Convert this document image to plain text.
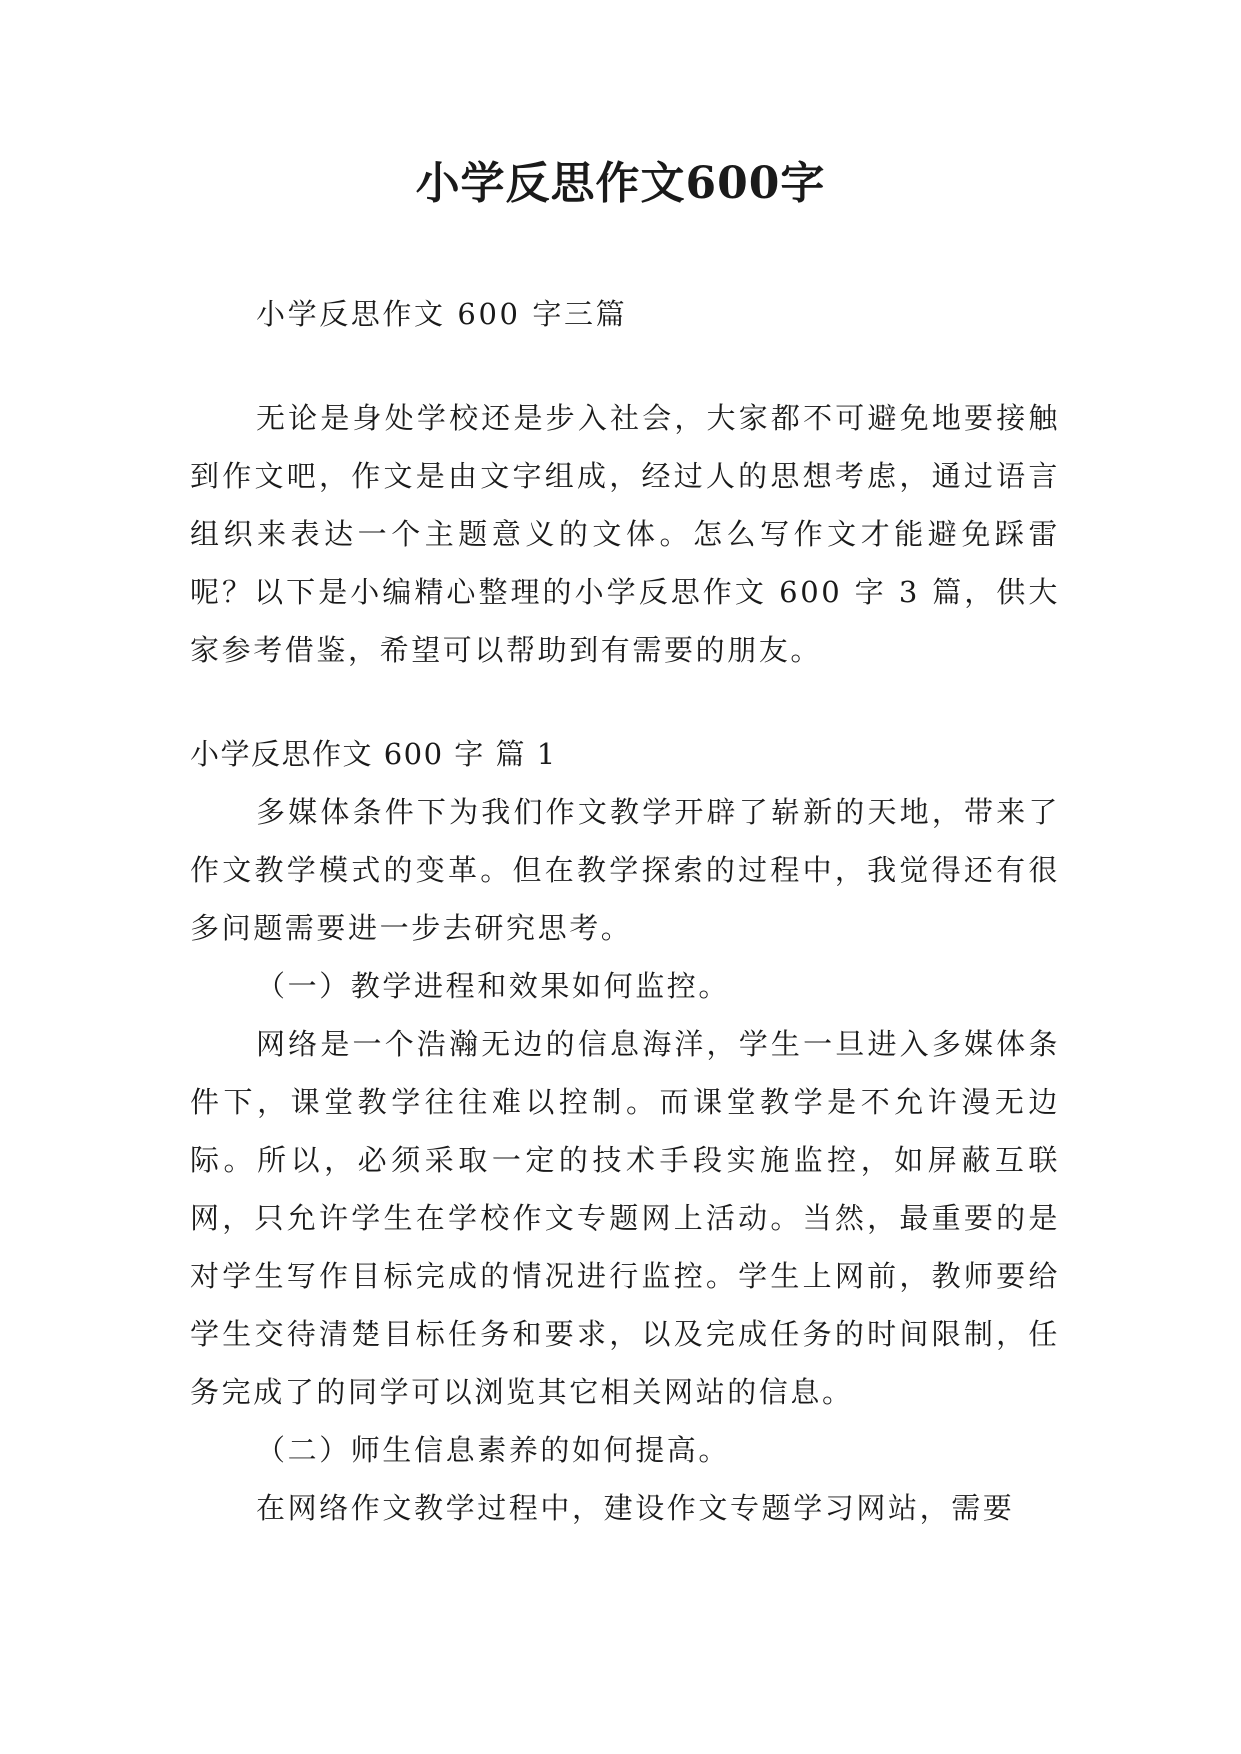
小学反思作文600字

小学反思作文 600 字三篇

无论是身处学校还是步入社会，大家都不可避免地要接触到作文吧，作文是由文字组成，经过人的思想考虑，通过语言组织来表达一个主题意义的文体。怎么写作文才能避免踩雷呢？以下是小编精心整理的小学反思作文 600 字 3 篇，供大家参考借鉴，希望可以帮助到有需要的朋友。

小学反思作文 600 字 篇 1

多媒体条件下为我们作文教学开辟了崭新的天地，带来了作文教学模式的变革。但在教学探索的过程中，我觉得还有很多问题需要进一步去研究思考。

（一）教学进程和效果如何监控。

网络是一个浩瀚无边的信息海洋，学生一旦进入多媒体条件下，课堂教学往往难以控制。而课堂教学是不允许漫无边际。所以，必须采取一定的技术手段实施监控，如屏蔽互联网，只允许学生在学校作文专题网上活动。当然，最重要的是对学生写作目标完成的情况进行监控。学生上网前，教师要给学生交待清楚目标任务和要求，以及完成任务的时间限制，任务完成了的同学可以浏览其它相关网站的信息。

（二）师生信息素养的如何提高。

在网络作文教学过程中，建设作文专题学习网站，需要
